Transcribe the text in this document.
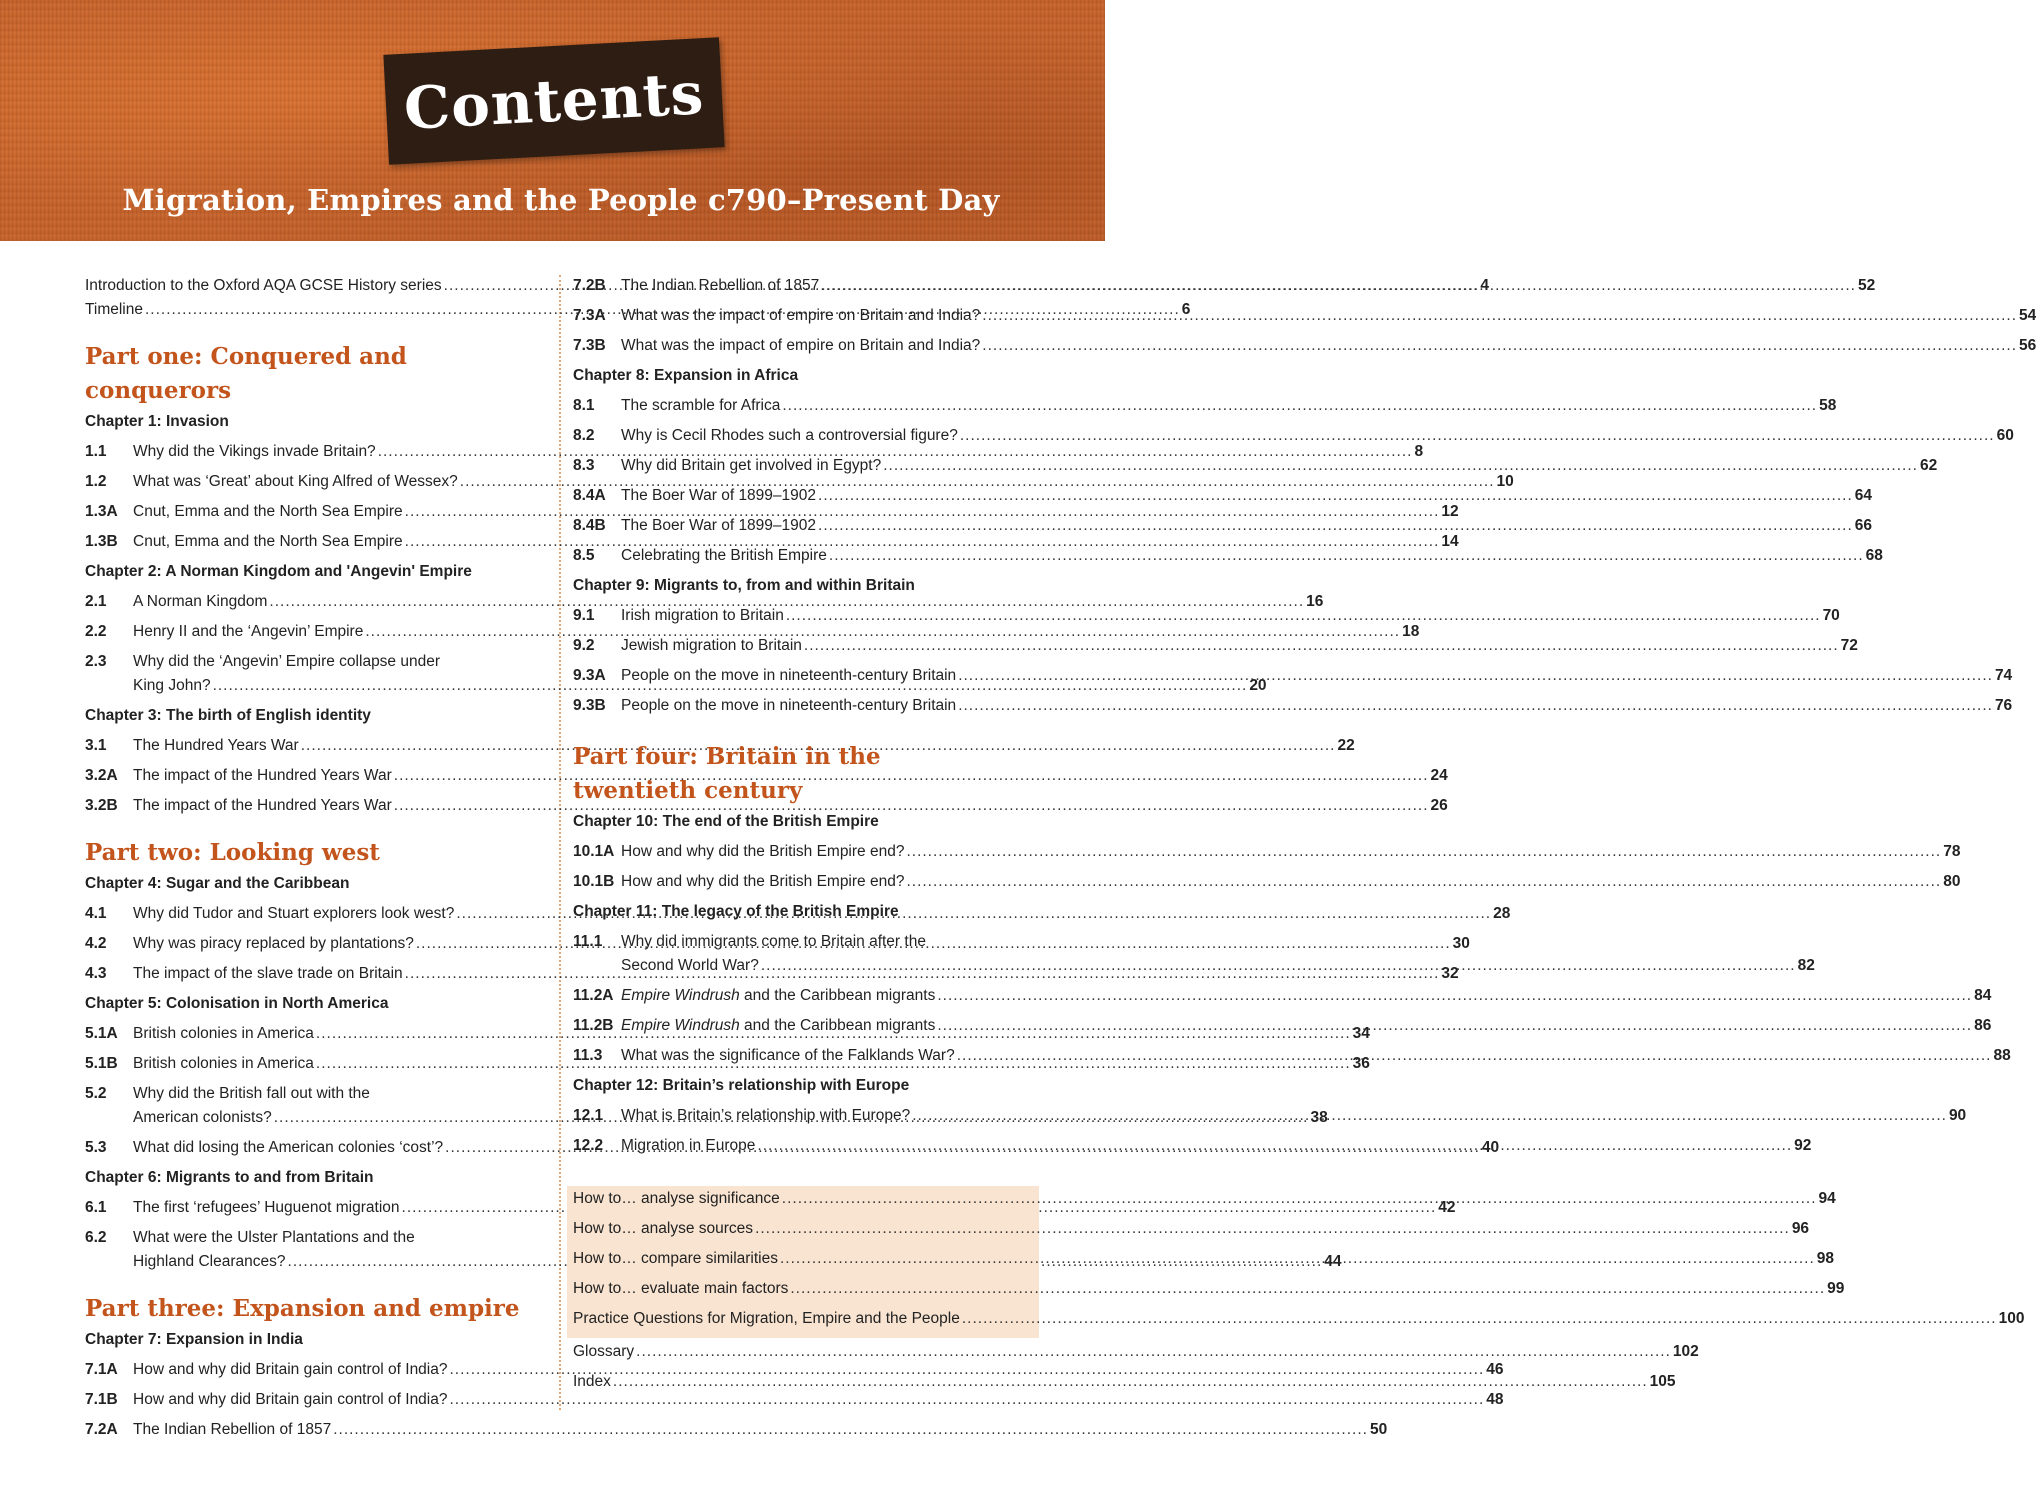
Contents
Migration, Empires and the People c790–Present Day
Introduction to the Oxford AQA GCSE History series .....	4
Timeline .....	6
Part one: Conquered and conquerors
Chapter 1: Invasion
1.1	Why did the Vikings invade Britain? .....	8
1.2	What was ‘Great’ about King Alfred of Wessex? .....	10
1.3A Cnut, Emma and the North Sea Empire .....	12
1.3B Cnut, Emma and the North Sea Empire .....	14
Chapter 2: A Norman Kingdom and 'Angevin' Empire
2.1	A Norman Kingdom .....	16
2.2	Henry II and the ‘Angevin’ Empire .....	18
2.3	Why did the ‘Angevin’ Empire collapse under
King John? .....	20
Chapter 3: The birth of English identity
3.1	The Hundred Years War .....	22
3.2A The impact of the Hundred Years War .....	24
3.2B The impact of the Hundred Years War .....	26
Part two: Looking west
Chapter 4: Sugar and the Caribbean
4.1	Why did Tudor and Stuart explorers look west? .....	28
4.2	Why was piracy replaced by plantations? .....	30
4.3	The impact of the slave trade on Britain .....	32
Chapter 5: Colonisation in North America
5.1A British colonies in America .....	34
5.1B British colonies in America .....	36
5.2	Why did the British fall out with the
American colonists? .....	38
5.3	What did losing the American colonies ‘cost’? .....	40
Chapter 6: Migrants to and from Britain
6.1	The first ‘refugees’ Huguenot migration .....	42
6.2	What were the Ulster Plantations and the
Highland Clearances? .....	44
Part three: Expansion and empire
Chapter 7: Expansion in India
7.1A How and why did Britain gain control of India? .....	46
7.1B How and why did Britain gain control of India? .....	48
7.2A The Indian Rebellion of 1857 .....	50
7.2B The Indian Rebellion of 1857 .....	52
7.3A What was the impact of empire on Britain and India? .....	54
7.3B What was the impact of empire on Britain and India? .....	56
Chapter 8: Expansion in Africa
8.1	The scramble for Africa .....	58
8.2	Why is Cecil Rhodes such a controversial figure? .....	60
8.3	Why did Britain get involved in Egypt? .....	62
8.4A The Boer War of 1899–1902 .....	64
8.4B The Boer War of 1899–1902 .....	66
8.5	Celebrating the British Empire .....	68
Chapter 9: Migrants to, from and within Britain
9.1	Irish migration to Britain .....	70
9.2	Jewish migration to Britain .....	72
9.3A People on the move in nineteenth-century Britain .....	74
9.3B People on the move in nineteenth-century Britain .....	76
Part four: Britain in the
twentieth century
Chapter 10: The end of the British Empire
10.1A How and why did the British Empire end? .....	78
10.1B How and why did the British Empire end? .....	80
Chapter 11: The legacy of the British Empire
11.1	Why did immigrants come to Britain after the
Second World War? .....	82
11.2A Empire Windrush and the Caribbean migrants .....	84
11.2B Empire Windrush and the Caribbean migrants .....	86
11.3	What was the significance of the Falklands War? .....	88
Chapter 12: Britain’s relationship with Europe
12.1	What is Britain’s relationship with Europe? .....	90
12.2	Migration in Europe .....	92
How to… analyse significance .....	94
How to… analyse sources .....	96
How to… compare similarities .....	98
How to… evaluate main factors .....	99
Practice Questions for Migration, Empire and the People .....	100
Glossary .....	102
Index .....	105
